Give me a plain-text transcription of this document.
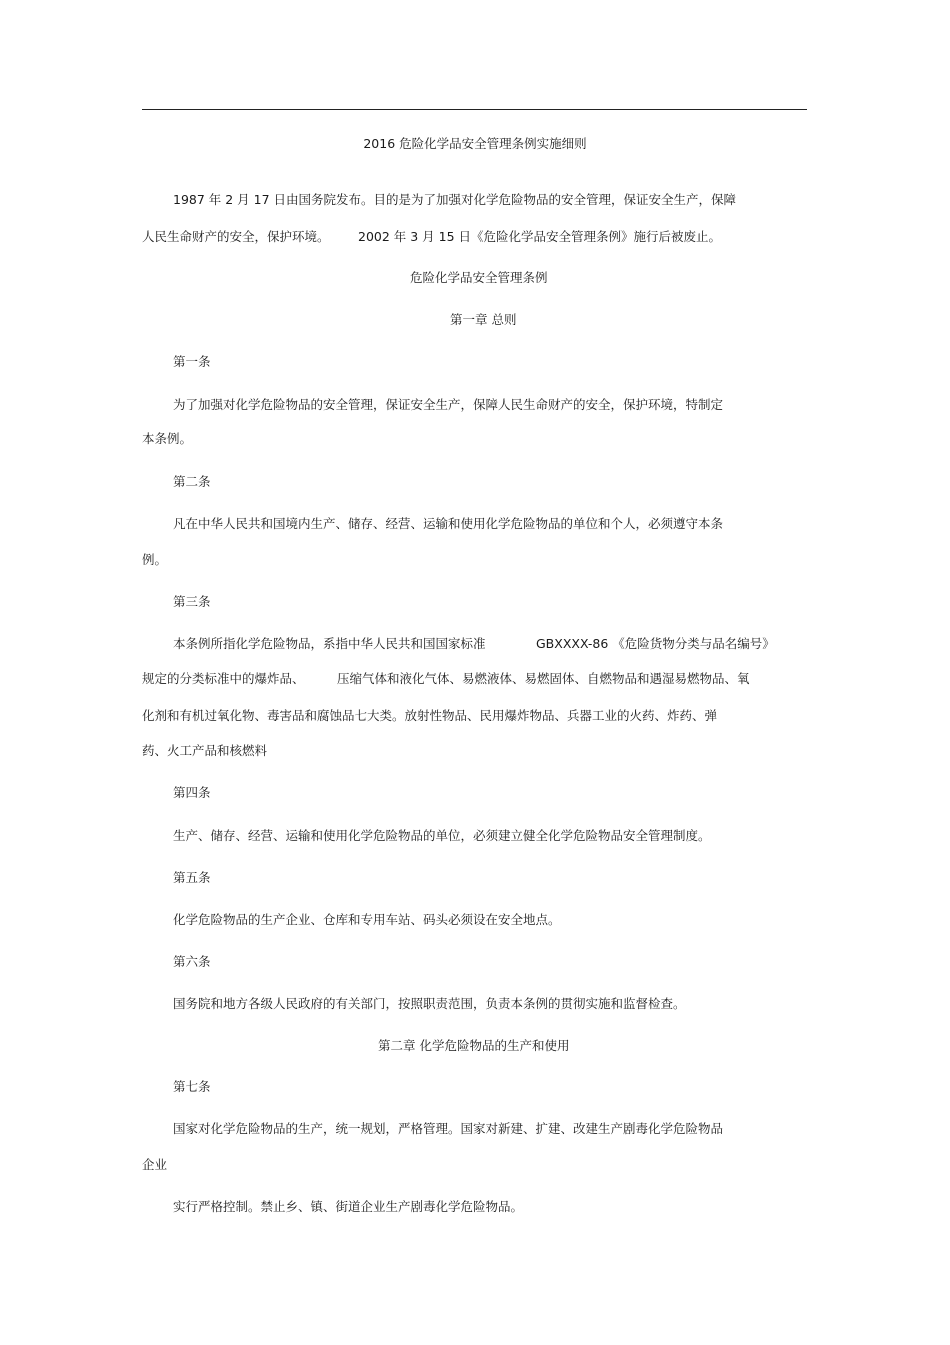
2016 危险化学品安全管理条例实施细则
1987 年 2 月 17 日由国务院发布。目的是为了加强对化学危险物品的安全管理，保证安全生产，保障
人民生命财产的安全，保护环境。 2002 年 3 月 15 日《危险化学品安全管理条例》施行后被废止。
危险化学品安全管理条例
第一章 总则
第一条
为了加强对化学危险物品的安全管理，保证安全生产，保障人民生命财产的安全，保护环境，特制定
本条例。
第二条
凡在中华人民共和国境内生产、储存、经营、运输和使用化学危险物品的单位和个人，必须遵守本条
例。
第三条
本条例所指化学危险物品，系指中华人民共和国国家标准	GBXXXX-86 《危险货物分类与品名编号》
规定的分类标准中的爆炸品、	压缩气体和液化气体、易燃液体、易燃固体、自燃物品和遇湿易燃物品、氧
化剂和有机过氧化物、毒害品和腐蚀品七大类。放射性物品、民用爆炸物品、兵器工业的火药、炸药、弹
药、火工产品和核燃料
第四条
生产、储存、经营、运输和使用化学危险物品的单位，必须建立健全化学危险物品安全管理制度。
第五条
化学危险物品的生产企业、仓库和专用车站、码头必须设在安全地点。
第六条
国务院和地方各级人民政府的有关部门，按照职责范围，负责本条例的贯彻实施和监督检查。
第二章 化学危险物品的生产和使用
第七条
国家对化学危险物品的生产，统一规划，严格管理。国家对新建、扩建、改建生产剧毒化学危险物品
企业
实行严格控制。禁止乡、镇、街道企业生产剧毒化学危险物品。
